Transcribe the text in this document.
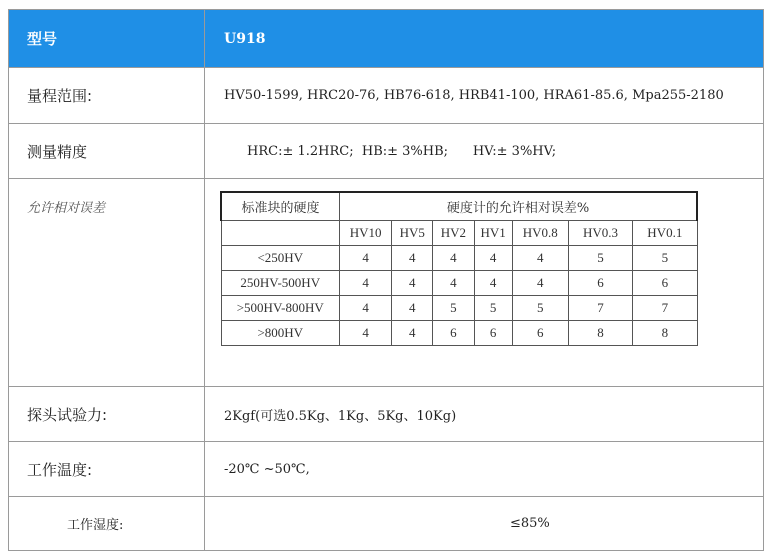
型号	U918
量程范围:	HV50-1599, HRC20-76, HB76-618, HRB41-100, HRA61-85.6, Mpa255-2180
测量精度	HRC:± 1.2HRC;  HB:± 3%HB;      HV:± 3%HV;
允许相对误差		标准块的硬度	硬度计的允许相对误差%
	HV10	HV5	HV2	HV1	HV0.8	HV0.3	HV0.1
<250HV	4	4	4	4	4	5	5
250HV-500HV	4	4	4	4	4	6	6
>500HV-800HV	4	4	5	5	5	7	7
>800HV	4	4	6	6	6	8	8

探头试验力:	2Kgf(可选0.5Kg、1Kg、5Kg、10Kg)
工作温度:	-20℃ ~50℃,
工作湿度:	≤85%
